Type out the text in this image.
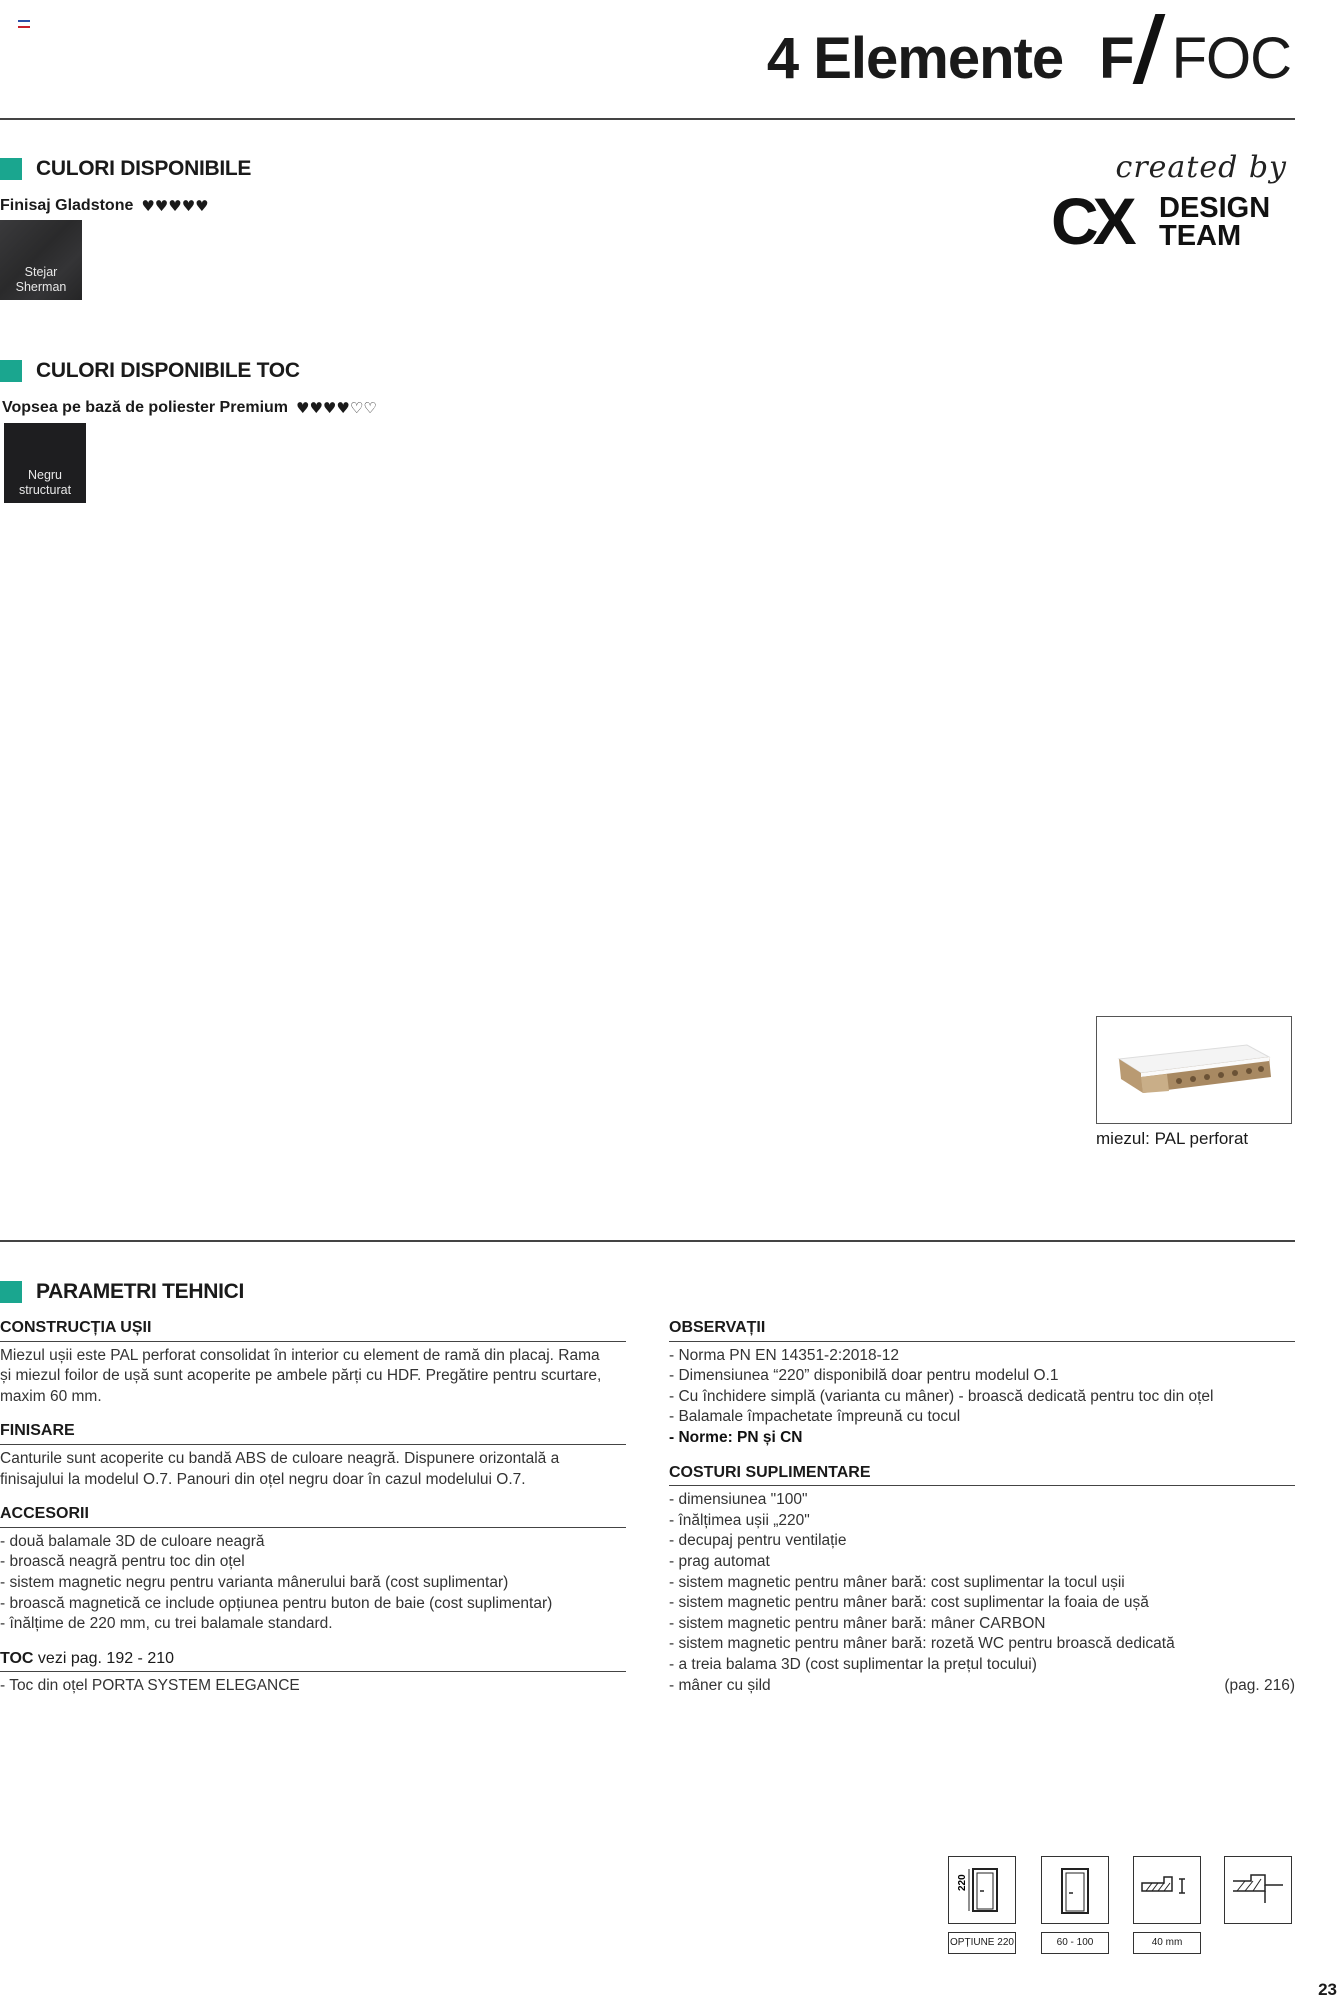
4 Elemente F FOC
CULORI DISPONIBILE
Finisaj Gladstone ♥♥♥♥♥
Stejar
Sherman
created by
CX DESIGN
TEAM
CULORI DISPONIBILE TOC
Vopsea pe bază de poliester Premium ♥♥♥♥♡♡
Negru
structurat
miezul: PAL perforat
PARAMETRI TEHNICI
CONSTRUCȚIA UȘII
Miezul ușii este PAL perforat consolidat în interior cu element de ramă din placaj. Rama
și miezul foilor de ușă sunt acoperite pe ambele părți cu HDF. Pregătire pentru scurtare,
maxim 60 mm.
FINISARE
Canturile sunt acoperite cu bandă ABS de culoare neagră. Dispunere orizontală a
finisajului la modelul O.7. Panouri din oțel negru doar în cazul modelului O.7.
ACCESORII
- două balamale 3D de culoare neagră
- broască neagră pentru toc din oțel
- sistem magnetic negru pentru varianta mânerului bară (cost suplimentar)
- broască magnetică ce include opțiunea pentru buton de baie (cost suplimentar)
- înălțime de 220 mm, cu trei balamale standard.
TOC vezi pag. 192 - 210
- Toc din oțel PORTA SYSTEM ELEGANCE
OBSERVAȚII
- Norma PN EN 14351-2:2018-12
- Dimensiunea “220” disponibilă doar pentru modelul O.1
- Cu închidere simplă (varianta cu mâner) - broască dedicată pentru toc din oțel
- Balamale împachetate împreună cu tocul
- Norme: PN și CN
COSTURI SUPLIMENTARE
- dimensiunea "100"
- înălțimea ușii „220"
- decupaj pentru ventilație
- prag automat
- sistem magnetic pentru mâner bară: cost suplimentar la tocul ușii
- sistem magnetic pentru mâner bară: cost suplimentar la foaia de ușă
- sistem magnetic pentru mâner bară: mâner CARBON
- sistem magnetic pentru mâner bară: rozetă WC pentru broască dedicată
- a treia balama 3D (cost suplimentar la prețul tocului)
- mâner cu șild	(pag. 216)
220
OPȚIUNE 220	60 - 100	40 mm
23
